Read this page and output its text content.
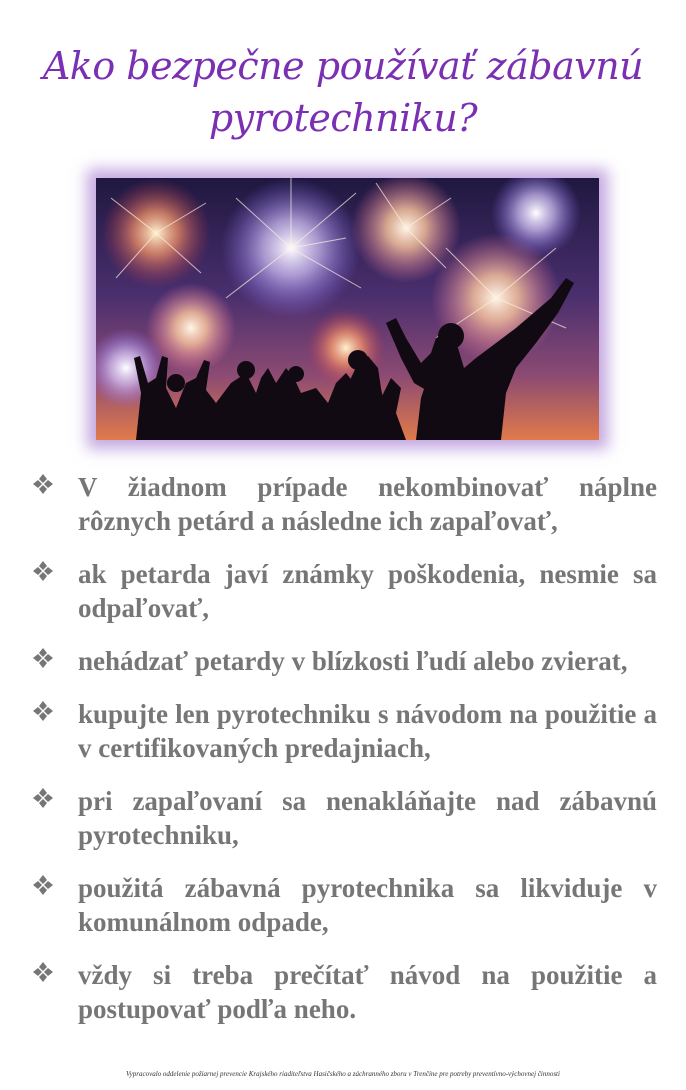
Ako bezpečne používať zábavnú
pyrotechniku?
V žiadnom prípade nekombinovať náplne rôznych petárd a následne ich zapaľovať,
ak petarda javí známky poškodenia, nesmie sa odpaľovať,
nehádzať petardy v blízkosti ľudí alebo zvierat,
kupujte len pyrotechniku s návodom na použitie a v certifikovaných predajniach,
pri zapaľovaní sa nenakláňajte nad zábavnú pyrotechniku,
použitá zábavná pyrotechnika sa likviduje v komunálnom odpade,
vždy si treba prečítať návod na použitie a postupovať podľa neho.
Vypracovalo oddelenie požiarnej prevencie Krajského riaditeľstva Hasičského a záchranného zboru v Trenčíne pre potreby preventívno-výchovnej činnosti
